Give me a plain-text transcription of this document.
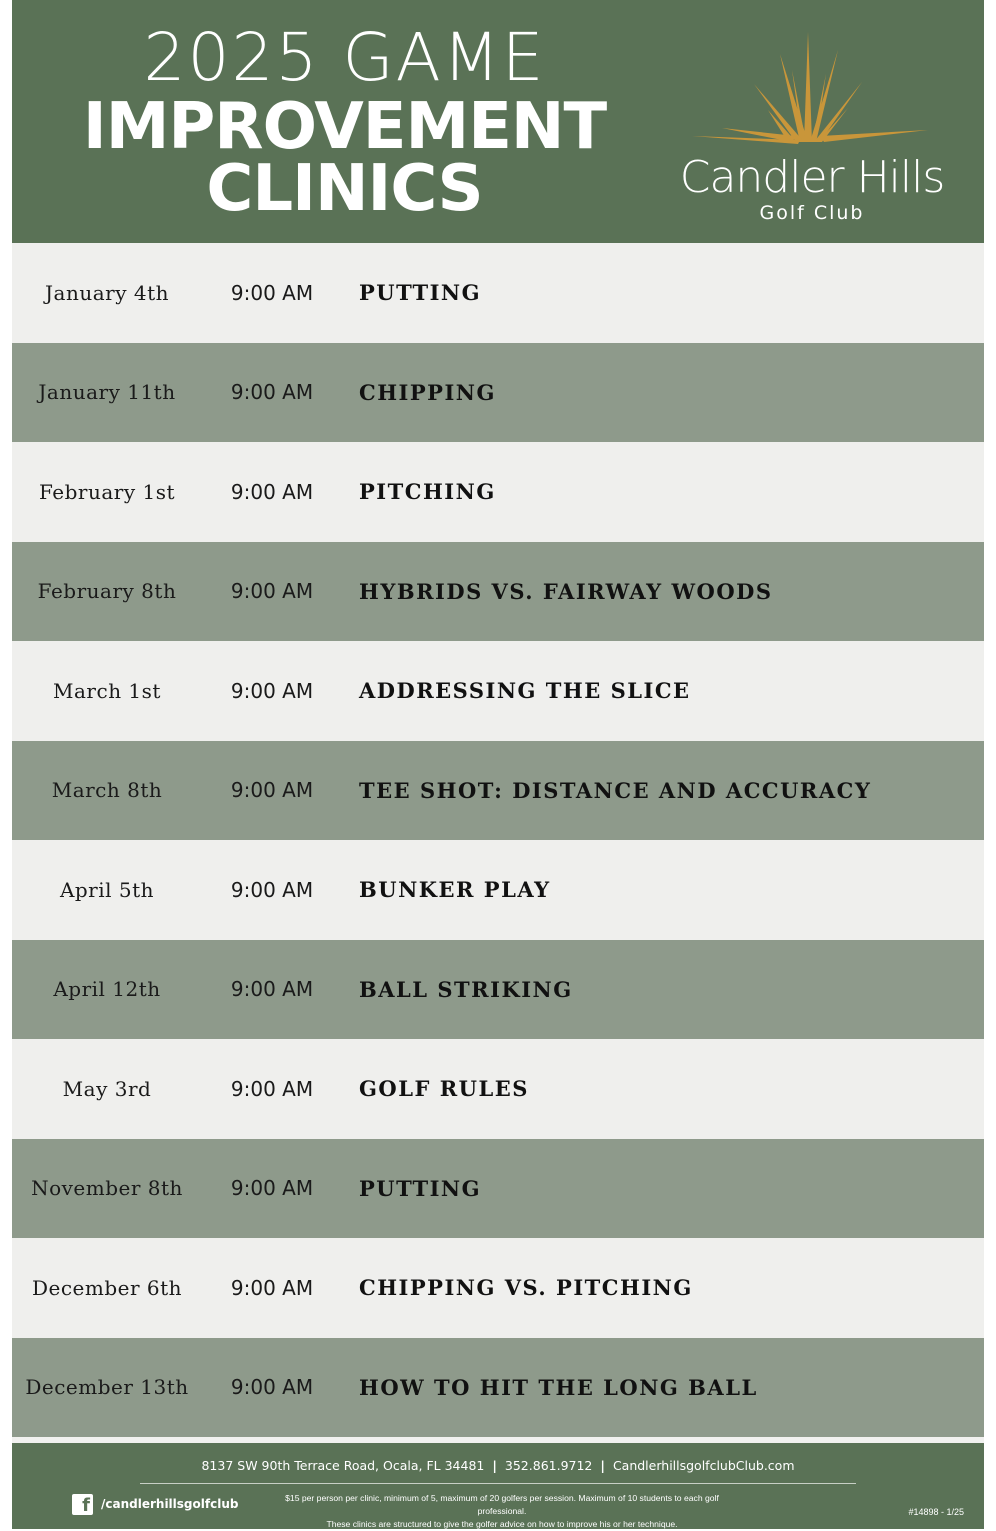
2025 GAME
IMPROVEMENT
CLINICS	Candler Hills
Golf Club
January 4th	9:00 AM	PUTTING
January 11th	9:00 AM	CHIPPING
February 1st	9:00 AM	PITCHING
February 8th	9:00 AM	HYBRIDS VS. FAIRWAY WOODS
March 1st	9:00 AM	ADDRESSING THE SLICE
March 8th	9:00 AM	TEE SHOT: DISTANCE AND ACCURACY
April 5th	9:00 AM	BUNKER PLAY
April 12th	9:00 AM	BALL STRIKING
May 3rd	9:00 AM	GOLF RULES
November 8th	9:00 AM	PUTTING
December 6th	9:00 AM	CHIPPING VS. PITCHING
December 13th	9:00 AM	HOW TO HIT THE LONG BALL
8137 SW 90th Terrace Road, Ocala, FL 34481 | 352.861.9712 | CandlerhillsgolfclubClub.com
f /candlerhillsgolfclub	$15 per person per clinic, minimum of 5, maximum of 20 golfers per session. Maximum of 10 students to each golf professional.
These clinics are structured to give the golfer advice on how to improve his or her technique.
#14898 - 1/25
